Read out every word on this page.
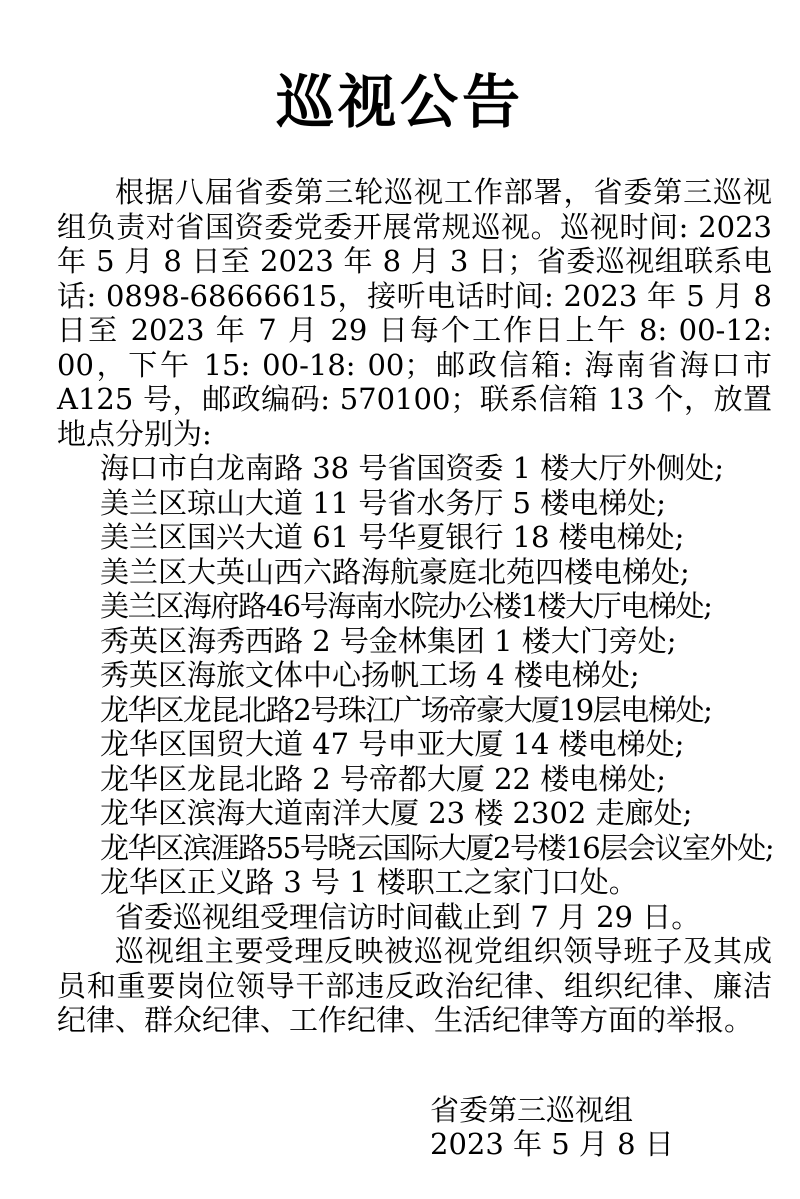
巡视公告

根据八届省委第三轮巡视工作部署，省委第三巡视组负责对省国资委党委开展常规巡视。巡视时间: 2023 年 5 月 8 日至 2023 年 8 月 3 日；省委巡视组联系电话: 0898-68666615，接听电话时间: 2023 年 5 月 8 日至 2023 年 7 月 29 日每个工作日上午 8: 00-12: 00，下午 15: 00-18: 00；邮政信箱: 海南省海口市 A125 号，邮政编码: 570100；联系信箱 13 个，放置地点分别为:

海口市白龙南路 38 号省国资委 1 楼大厅外侧处;
美兰区琼山大道 11 号省水务厅 5 楼电梯处;
美兰区国兴大道 61 号华夏银行 18 楼电梯处;
美兰区大英山西六路海航豪庭北苑四楼电梯处;
美兰区海府路46号海南水院办公楼1楼大厅电梯处;
秀英区海秀西路 2 号金林集团 1 楼大门旁处;
秀英区海旅文体中心扬帆工场 4 楼电梯处;
龙华区龙昆北路2号珠江广场帝豪大厦19层电梯处;
龙华区国贸大道 47 号申亚大厦 14 楼电梯处;
龙华区龙昆北路 2 号帝都大厦 22 楼电梯处;
龙华区滨海大道南洋大厦 23 楼 2302 走廊处;
龙华区滨涯路55号晓云国际大厦2号楼16层会议室外处;
龙华区正义路 3 号 1 楼职工之家门口处。

省委巡视组受理信访时间截止到 7 月 29 日。

巡视组主要受理反映被巡视党组织领导班子及其成员和重要岗位领导干部违反政治纪律、组织纪律、廉洁纪律、群众纪律、工作纪律、生活纪律等方面的举报。

省委第三巡视组
2023 年 5 月 8 日
